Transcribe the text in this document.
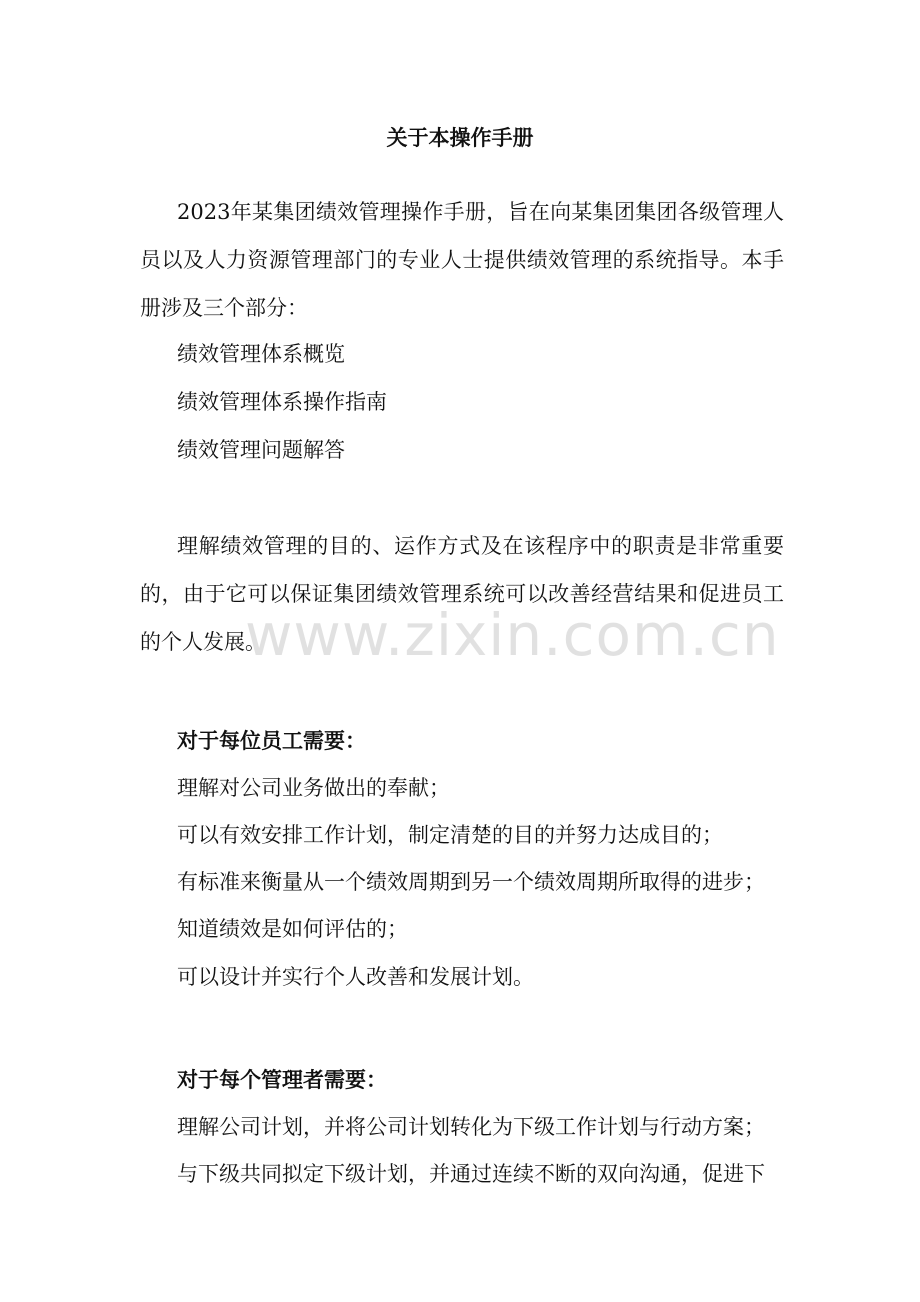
关于本操作手册
2023年某集团绩效管理操作手册，旨在向某集团集团各级管理人员以及人力资源管理部门的专业人士提供绩效管理的系统指导。本手册涉及三个部分：
绩效管理体系概览
绩效管理体系操作指南
绩效管理问题解答
理解绩效管理的目的、运作方式及在该程序中的职责是非常重要的，由于它可以保证集团绩效管理系统可以改善经营结果和促进员工的个人发展。
www.zixin.com.cn
对于每位员工需要：
理解对公司业务做出的奉献；
可以有效安排工作计划，制定清楚的目的并努力达成目的；
有标准来衡量从一个绩效周期到另一个绩效周期所取得的进步；
知道绩效是如何评估的；
可以设计并实行个人改善和发展计划。
对于每个管理者需要：
理解公司计划，并将公司计划转化为下级工作计划与行动方案；
与下级共同拟定下级计划，并通过连续不断的双向沟通，促进下
